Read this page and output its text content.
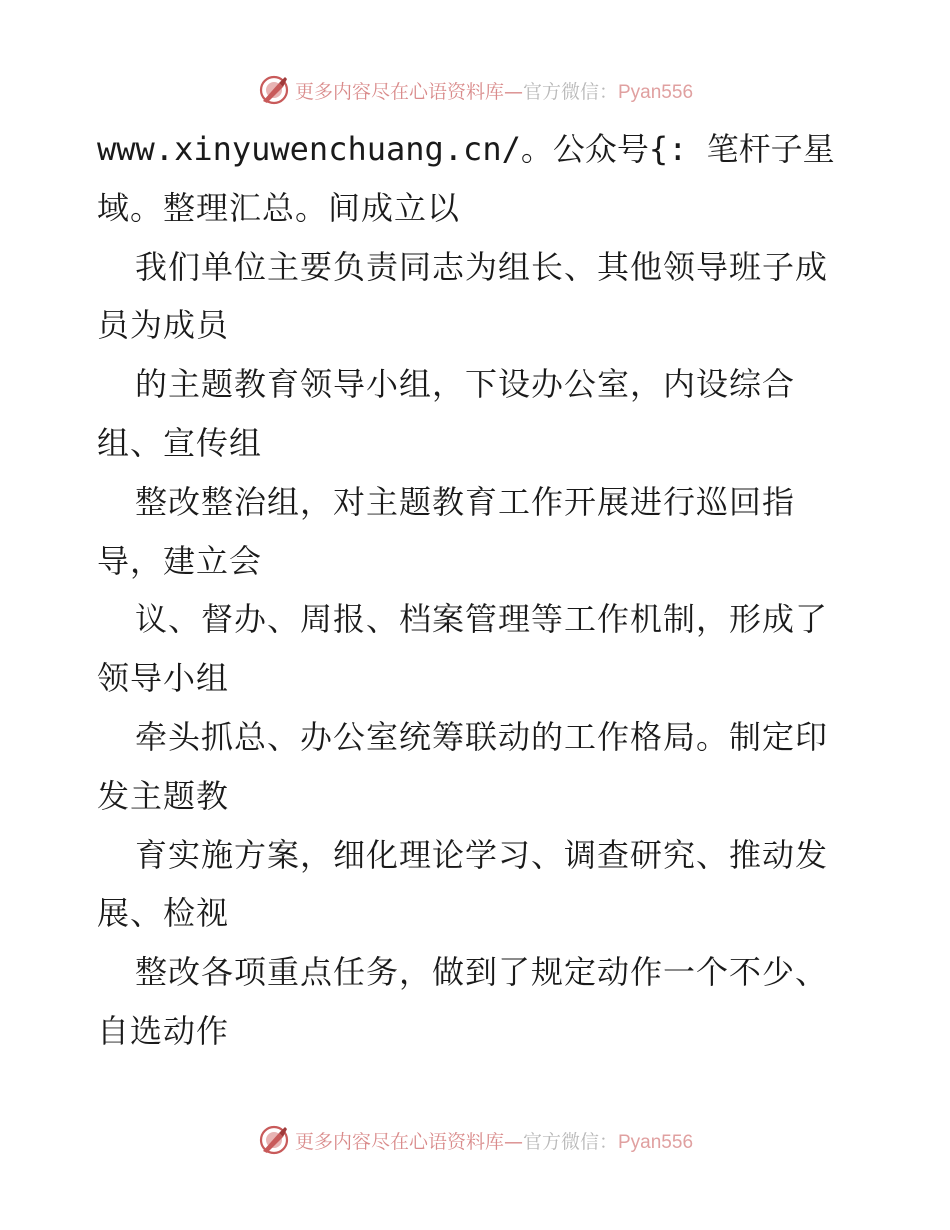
更多内容尽在心语资料库—官方微信：Pyan556
www.xinyuwenchuang.cn/。公众号{: 笔杆子星
域。整理汇总。间成立以
我们单位主要负责同志为组长、其他领导班子成
员为成员
的主题教育领导小组，下设办公室，内设综合
组、宣传组
整改整治组，对主题教育工作开展进行巡回指
导，建立会
议、督办、周报、档案管理等工作机制，形成了
领导小组
牵头抓总、办公室统筹联动的工作格局。制定印
发主题教
育实施方案，细化理论学习、调查研究、推动发
展、检视
整改各项重点任务，做到了规定动作一个不少、
自选动作
更多内容尽在心语资料库—官方微信：Pyan556
